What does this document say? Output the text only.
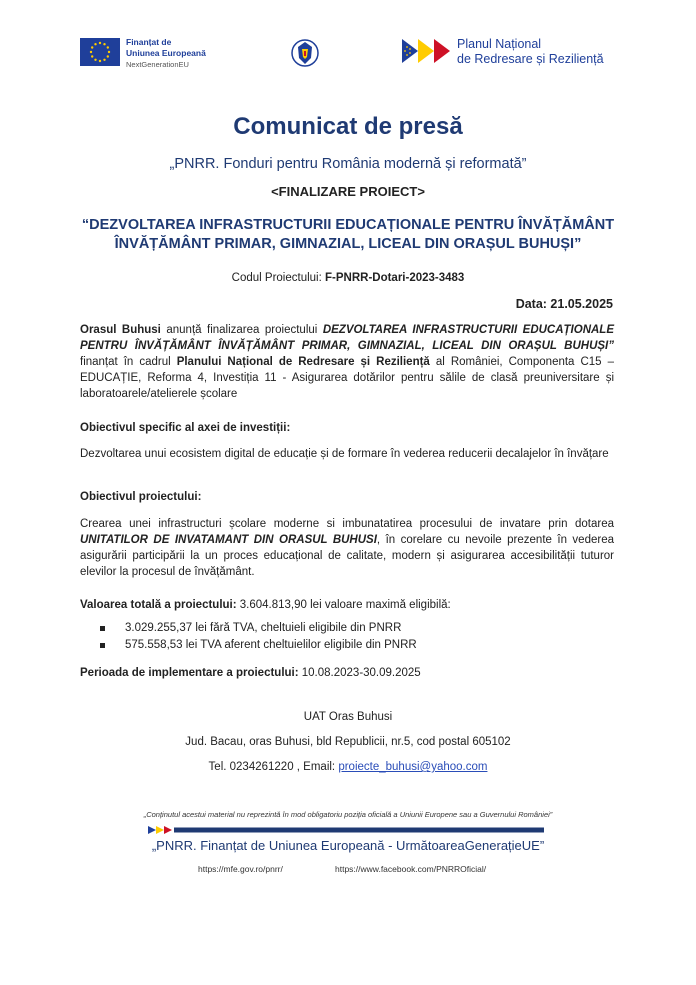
Finanțat de
Uniunea Europeană
NextGenerationEU
Planul Național
de Redresare și Reziliență
Comunicat de presă
„PNRR. Fonduri pentru România modernă și reformată”
<FINALIZARE PROIECT>
“DEZVOLTAREA INFRASTRUCTURII EDUCAȚIONALE PENTRU ÎNVĂȚĂMÂNT
ÎNVĂȚĂMÂNT PRIMAR, GIMNAZIAL, LICEAL DIN ORAȘUL BUHUȘI”
Codul Proiectului: F-PNRR-Dotari-2023-3483
Data: 21.05.2025
Orasul Buhusi anunță finalizarea proiectului DEZVOLTAREA INFRASTRUCTURII EDUCAȚIONALE PENTRU ÎNVĂȚĂMÂNT ÎNVĂȚĂMÂNT PRIMAR, GIMNAZIAL, LICEAL DIN ORAȘUL BUHUȘI” finanțat în cadrul Planului Național de Redresare și Reziliență al României, Componenta C15 – EDUCAȚIE, Reforma 4, Investiția 11 - Asigurarea dotărilor pentru sălile de clasă preuniversitare și laboratoarele/atelierele școlare
Obiectivul specific al axei de investiții:
Dezvoltarea unui ecosistem digital de educație și de formare în vederea reducerii decalajelor în învățare
Obiectivul proiectului:
Crearea unei infrastructuri școlare moderne si imbunatatirea procesului de invatare prin dotarea UNITATILOR DE INVATAMANT DIN ORASUL BUHUSI, în corelare cu nevoile prezente în vederea asigurării participării la un proces educațional de calitate, modern și asigurarea accesibilității tuturor elevilor la procesul de învățământ.
Valoarea totală a proiectului: 3.604.813,90 lei valoare maximă eligibilă:
3.029.255,37 lei fără TVA, cheltuieli eligibile din PNRR
575.558,53 lei TVA aferent cheltuielilor eligibile din PNRR
Perioada de implementare a proiectului: 10.08.2023-30.09.2025
UAT Oras Buhusi
Jud. Bacau, oras Buhusi, bld Republicii, nr.5, cod postal 605102
Tel. 0234261220 , Email: proiecte_buhusi@yahoo.com
„Conținutul acestui material nu reprezintă în mod obligatoriu poziția oficială a Uniunii Europene sau a Guvernului României”
„PNRR. Finanțat de Uniunea Europeană - UrmătoareaGenerațieUE”
https://mfe.gov.ro/pnrr/	https://www.facebook.com/PNRROficial/
